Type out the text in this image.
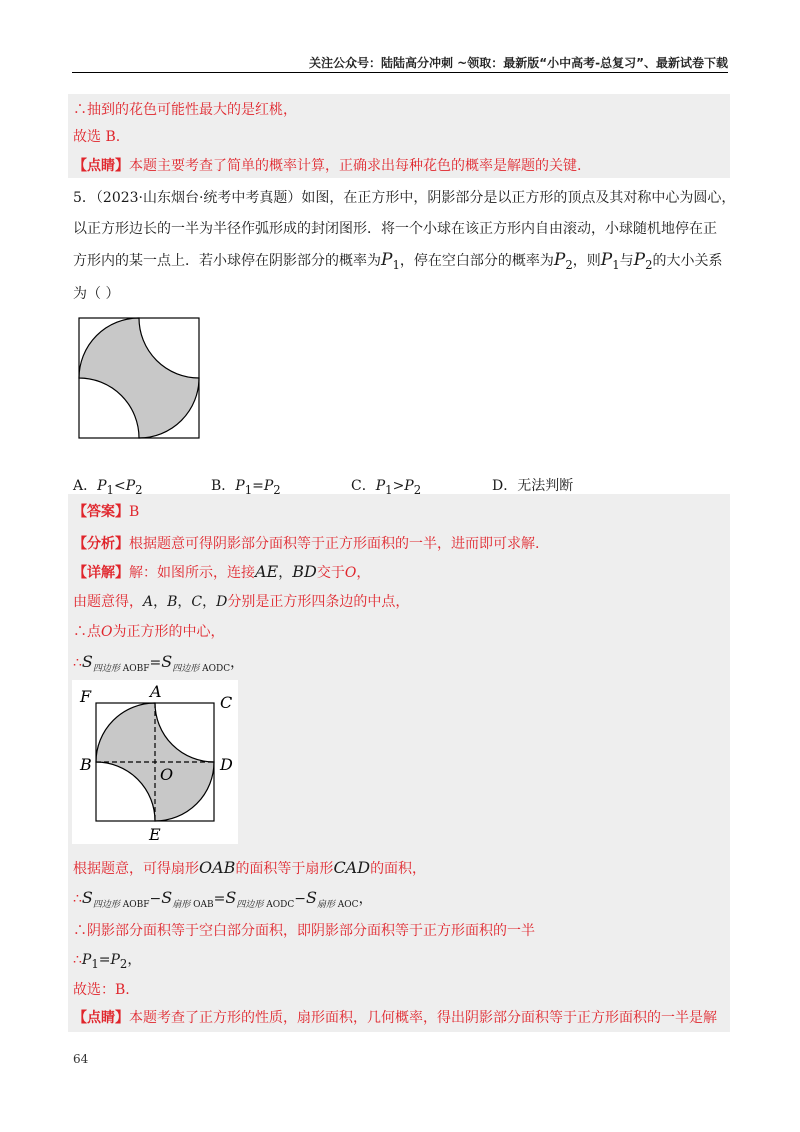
关注公众号：陆陆高分冲刺 ~领取：最新版“小中高考-总复习”、最新试卷下载
∴抽到的花色可能性最大的是红桃，
故选 B.
【点睛】本题主要考查了简单的概率计算，正确求出每种花色的概率是解题的关键.
5．（2023·山东烟台·统考中考真题）如图，在正方形中，阴影部分是以正方形的顶点及其对称中心为圆心，
以正方形边长的一半为半径作弧形成的封闭图形．将一个小球在该正方形内自由滚动，小球随机地停在正
方形内的某一点上．若小球停在阴影部分的概率为$P_1$，停在空白部分的概率为$P_2$，则$P_1$与$P_2$的大小关系
为（ ）
A．$P_1<P_2$	B．$P_1=P_2$	C．$P_1>P_2$	D．无法判断
【答案】B
【分析】根据题意可得阴影部分面积等于正方形面积的一半，进而即可求解.
【详解】解：如图所示，连接AE，BD交于O，
由题意得，A，B，C，D分别是正方形四条边的中点，
∴点O为正方形的中心，
$\therefore S_{四边形 AOBF}=S_{四边形 AODC}$，
F	A
C
B
O
D
E
根据题意，可得扇形OAB的面积等于扇形CAD的面积，
$\therefore S_{四边形 AOBF}-S_{扇形 OAB}=S_{四边形 AODC}-S_{扇形 AOC}$，
∴阴影部分面积等于空白部分面积，即阴影部分面积等于正方形面积的一半
$\therefore P_1=P_2$，
故选：B.
【点睛】本题考查了正方形的性质，扇形面积，几何概率，得出阴影部分面积等于正方形面积的一半是解
64
